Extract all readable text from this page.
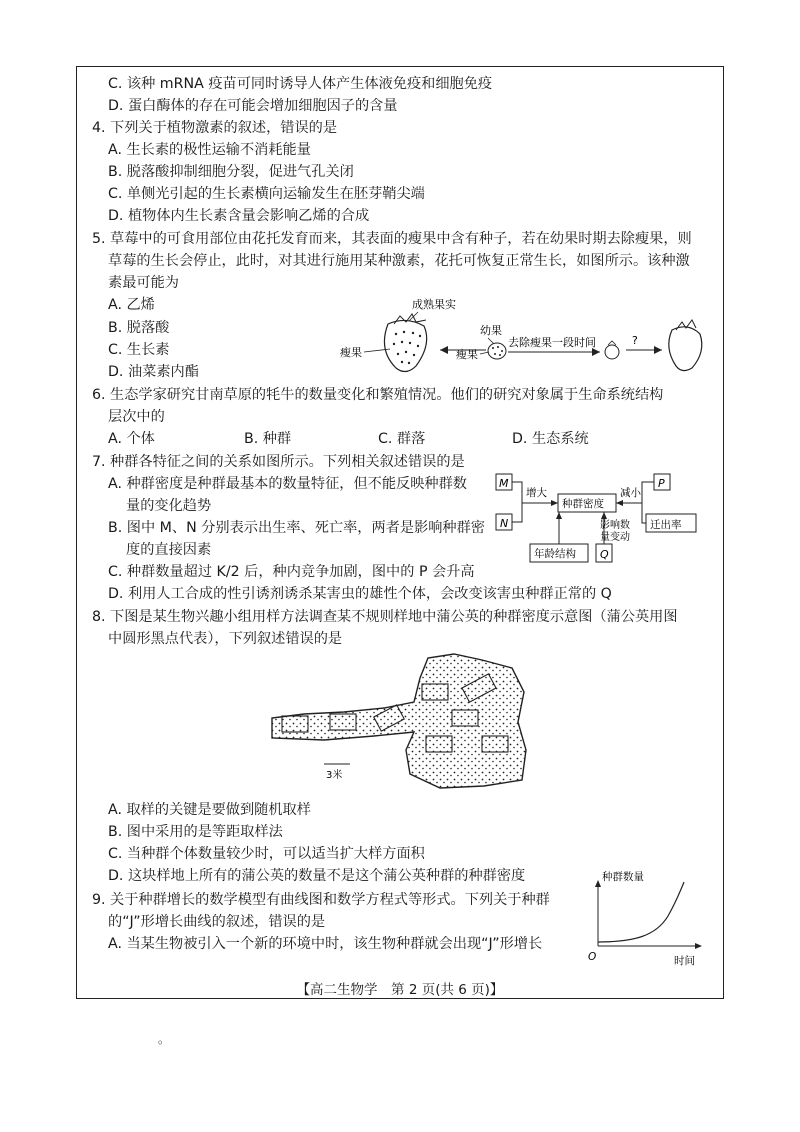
C. 该种 mRNA 疫苗可同时诱导人体产生体液免疫和细胞免疫
D. 蛋白酶体的存在可能会增加细胞因子的含量
4. 下列关于植物激素的叙述，错误的是
A. 生长素的极性运输不消耗能量
B. 脱落酸抑制细胞分裂，促进气孔关闭
C. 单侧光引起的生长素横向运输发生在胚芽鞘尖端
D. 植物体内生长素含量会影响乙烯的合成
5. 草莓中的可食用部位由花托发育而来，其表面的瘦果中含有种子，若在幼果时期去除瘦果，则
草莓的生长会停止，此时，对其进行施用某种激素，花托可恢复正常生长，如图所示。该种激
素最可能为
A. 乙烯
B. 脱落酸
C. 生长素
D. 油菜素内酯
成熟果实
瘦果
幼果
瘦果
去除瘦果一段时间	?
6. 生态学家研究甘南草原的牦牛的数量变化和繁殖情况。他们的研究对象属于生命系统结构
层次中的
A. 个体	B. 种群	C. 群落	D. 生态系统
7. 种群各特征之间的关系如图所示。下列相关叙述错误的是
A. 种群密度是种群最基本的数量特征，但不能反映种群数
量的变化趋势
B. 图中 M、N 分别表示出生率、死亡率，两者是影响种群密
度的直接因素
C. 种群数量超过 K/2 后，种内竞争加剧，图中的 P 会升高
D. 利用人工合成的性引诱剂诱杀某害虫的雄性个体，会改变该害虫种群正常的 Q
M
N
P
Q
种群密度
迁出率
年龄结构
增大	减小
影响数
量变动
8. 下图是某生物兴趣小组用样方法调查某不规则样地中蒲公英的种群密度示意图（蒲公英用图
中圆形黑点代表），下列叙述错误的是
3米
A. 取样的关键是要做到随机取样
B. 图中采用的是等距取样法
C. 当种群个体数量较少时，可以适当扩大样方面积
D. 这块样地上所有的蒲公英的数量不是这个蒲公英种群的种群密度
9. 关于种群增长的数学模型有曲线图和数学方程式等形式。下列关于种群
的“J”形增长曲线的叙述，错误的是
A. 当某生物被引入一个新的环境中时，该生物种群就会出现“J”形增长
种群数量
O	时间
【高二生物学　第 2 页(共 6 页)】
。
